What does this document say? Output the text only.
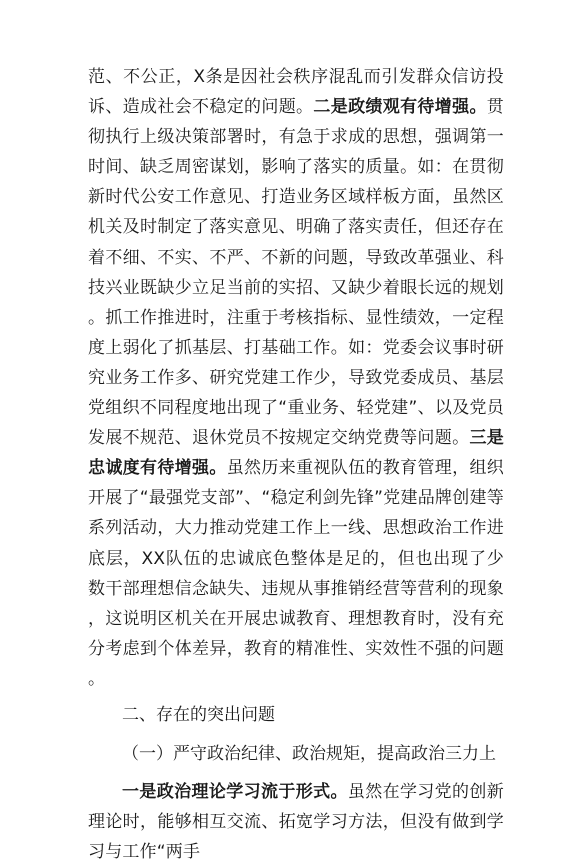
范、不公正，X条是因社会秩序混乱而引发群众信访投诉、造成社会不稳定的问题。二是政绩观有待增强。贯彻执行上级决策部署时，有急于求成的思想，强调第一时间、缺乏周密谋划，影响了落实的质量。如：在贯彻新时代公安工作意见、打造业务区域样板方面，虽然区机关及时制定了落实意见、明确了落实责任，但还存在着不细、不实、不严、不新的问题，导致改革强业、科技兴业既缺少立足当前的实招、又缺少着眼长远的规划。抓工作推进时，注重于考核指标、显性绩效，一定程度上弱化了抓基层、打基础工作。如：党委会议事时研究业务工作多、研究党建工作少，导致党委成员、基层党组织不同程度地出现了“重业务、轻党建”、以及党员发展不规范、退休党员不按规定交纳党费等问题。三是忠诚度有待增强。虽然历来重视队伍的教育管理，组织开展了“最强党支部”、“稳定利剑先锋”党建品牌创建等系列活动，大力推动党建工作上一线、思想政治工作进底层，XX队伍的忠诚底色整体是足的，但也出现了少数干部理想信念缺失、违规从事推销经营等营利的现象，这说明区机关在开展忠诚教育、理想教育时，没有充分考虑到个体差异，教育的精准性、实效性不强的问题。

二、存在的突出问题

（一）严守政治纪律、政治规矩，提高政治三力上

一是政治理论学习流于形式。虽然在学习党的创新理论时，能够相互交流、拓宽学习方法，但没有做到学习与工作“两手
